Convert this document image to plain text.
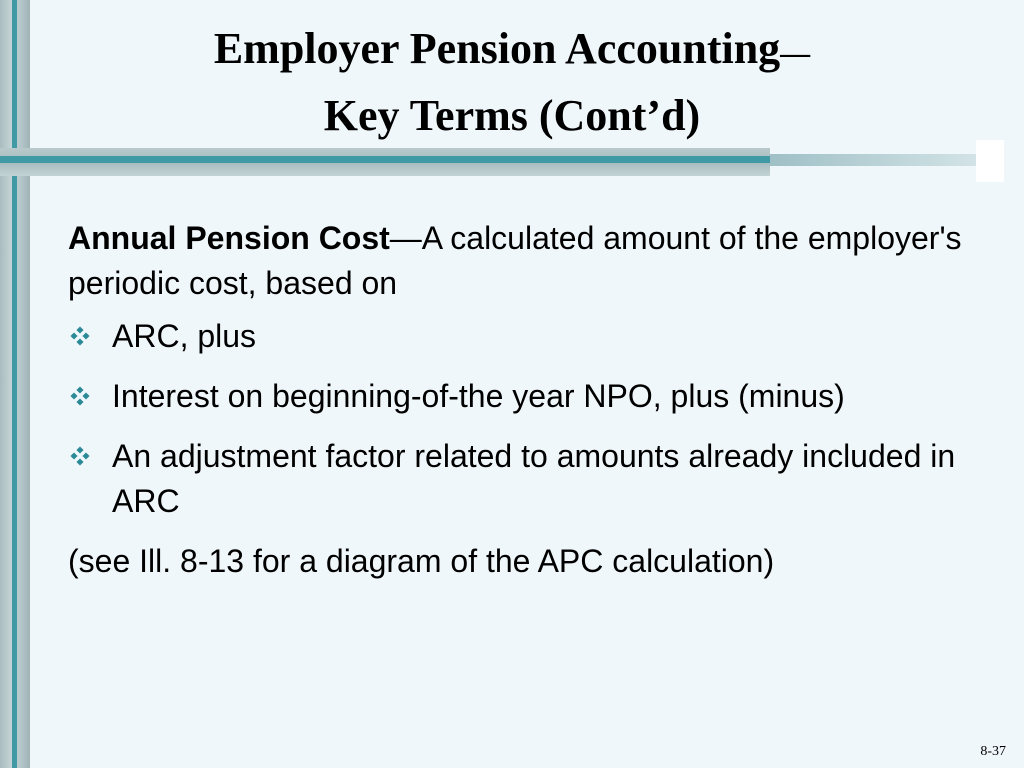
Employer Pension Accounting—
Key Terms (Cont’d)

Annual Pension Cost—A calculated amount of the employer's periodic cost, based on

ARC, plus
Interest on beginning-of-the year NPO, plus (minus)
An adjustment factor related to amounts already included in ARC

(see Ill. 8-13 for a diagram of the APC calculation)

8-37
